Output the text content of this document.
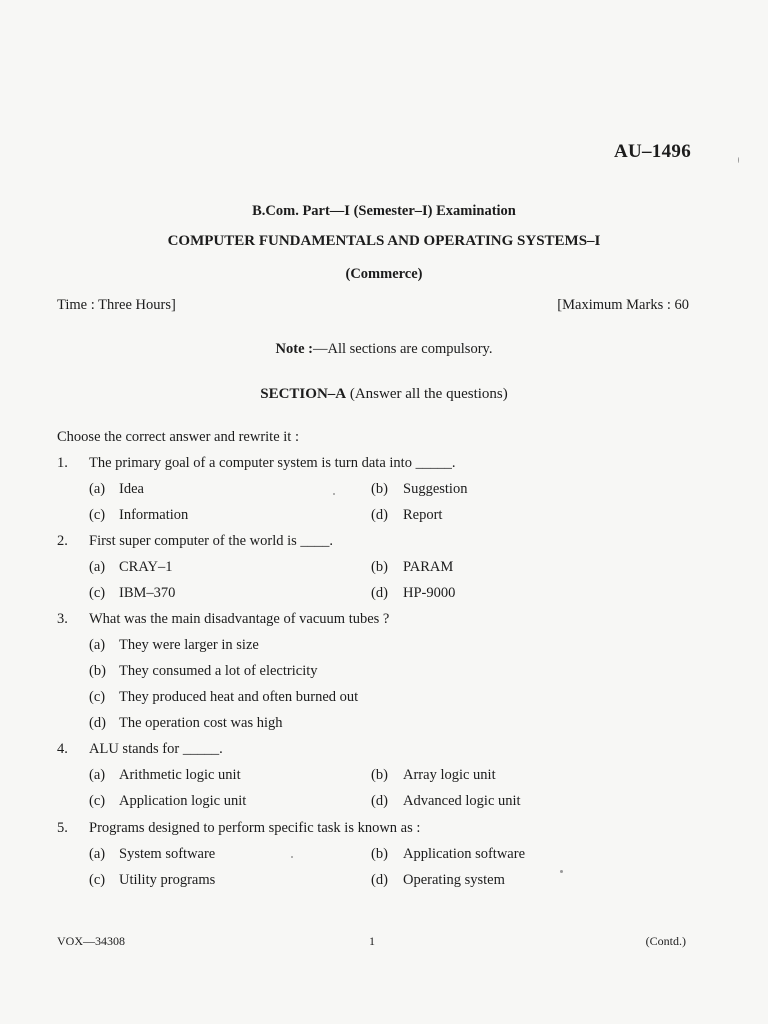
AU–1496
B.Com. Part—I (Semester–I) Examination
COMPUTER FUNDAMENTALS AND OPERATING SYSTEMS–I
(Commerce)
Time : Three Hours]	[Maximum Marks : 60
Note :—All sections are compulsory.
SECTION–A (Answer all the questions)
Choose the correct answer and rewrite it :
1. The primary goal of a computer system is turn data into _____.
(a) Idea	(b) Suggestion
(c) Information	(d) Report
2. First super computer of the world is ____.
(a) CRAY–1	(b) PARAM
(c) IBM–370	(d) HP-9000
3. What was the main disadvantage of vacuum tubes ?
(a) They were larger in size
(b) They consumed a lot of electricity
(c) They produced heat and often burned out
(d) The operation cost was high
4. ALU stands for _____.
(a) Arithmetic logic unit	(b) Array logic unit
(c) Application logic unit	(d) Advanced logic unit
5. Programs designed to perform specific task is known as :
(a) System software	(b) Application software
(c) Utility programs	(d) Operating system
VOX—34308	1	(Contd.)
